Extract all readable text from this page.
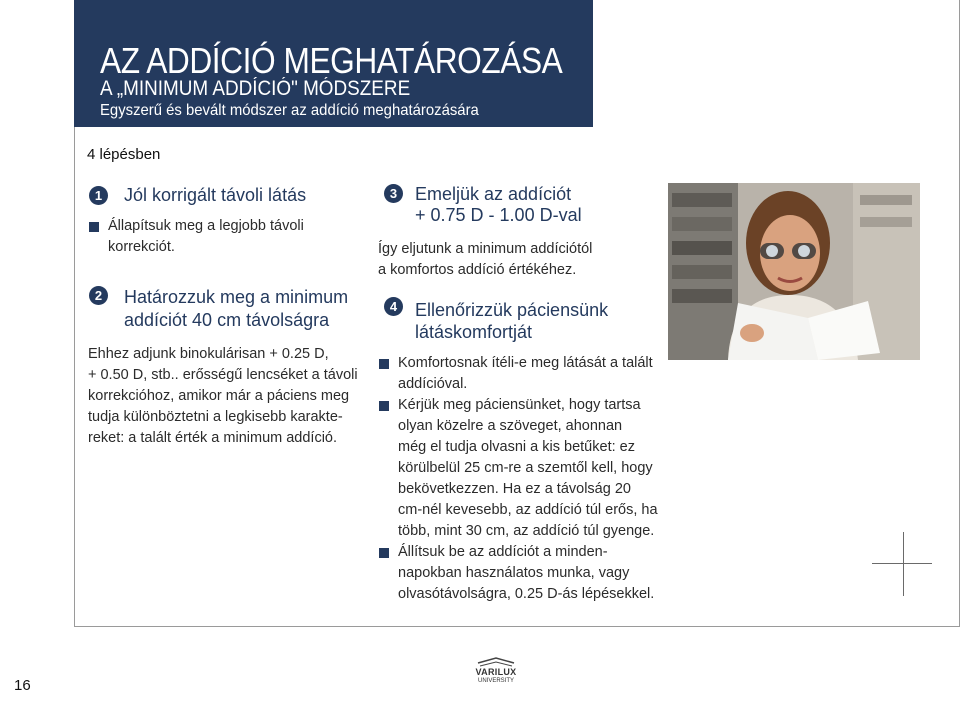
AZ ADDÍCIÓ MEGHATÁROZÁSA
A „MINIMUM ADDÍCIÓ" MÓDSZERE
Egyszerű és bevált módszer az addíció meghatározására
4 lépésben
1	Jól korrigált távoli látás
Állapítsuk meg a legjobb távoli
korrekciót.
2	Határozzuk meg a minimum
addíciót 40 cm távolságra
Ehhez adjunk binokulárisan + 0.25 D,
+ 0.50 D, stb.. erősségű lencséket a távoli
korrekcióhoz, amikor már a páciens meg
tudja különböztetni a legkisebb karakte-
reket: a talált érték a minimum addíció.
3 Emeljük az addíciót
+ 0.75 D - 1.00 D-val
Így eljutunk a minimum addíciótól
a komfortos addíció értékéhez.
4 Ellenőrizzük páciensünk
látáskomfortját
Komfortosnak ítéli-e meg látását a talált
addícióval.
Kérjük meg páciensünket, hogy tartsa
olyan közelre a szöveget, ahonnan
még el tudja olvasni a kis betűket: ez
körülbelül 25 cm-re a szemtől kell, hogy
bekövetkezzen. Ha ez a távolság 20
cm-nél kevesebb, az addíció túl erős, ha
több, mint 30 cm, az addíció túl gyenge.
Állítsuk be az addíciót a minden-
napokban használatos munka, vagy
olvasótávolságra, 0.25 D-ás lépésekkel.
16
VARILUX
UNIVERSITY
